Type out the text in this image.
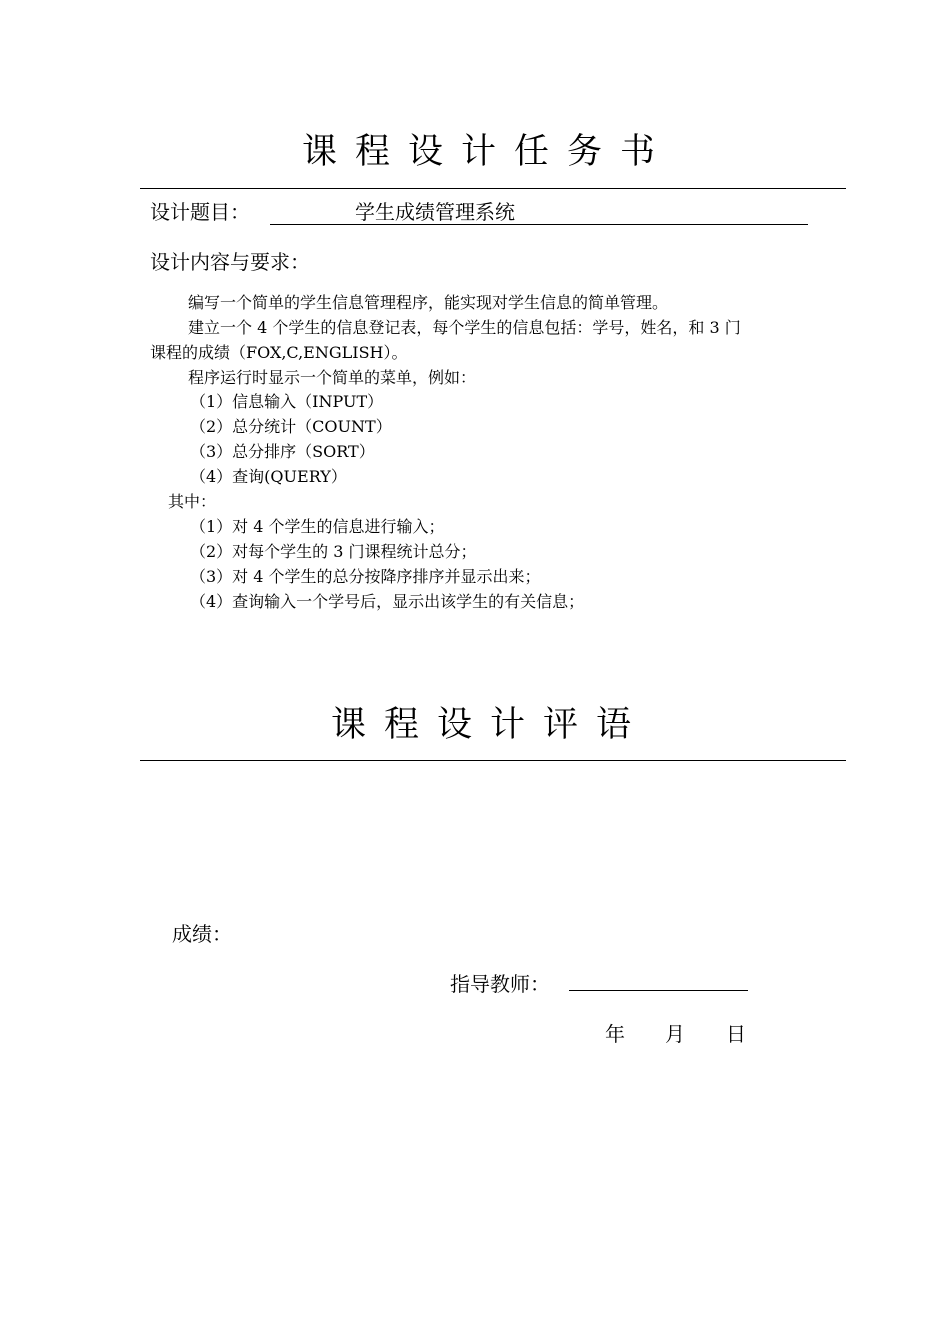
课程设计任务书
设计题目：	学生成绩管理系统
设计内容与要求：
编写一个简单的学生信息管理程序，能实现对学生信息的简单管理。
建立一个 4 个学生的信息登记表，每个学生的信息包括：学号，姓名，和 3 门
课程的成绩（FOX,C,ENGLISH）。
程序运行时显示一个简单的菜单，例如：
（1）信息输入（INPUT）
（2）总分统计（COUNT）
（3）总分排序（SORT）
（4）查询(QUERY）
其中：
（1）对 4 个学生的信息进行输入；
（2）对每个学生的 3 门课程统计总分；
（3）对 4 个学生的总分按降序排序并显示出来；
（4）查询输入一个学号后，显示出该学生的有关信息；
课程设计评语
成绩：
指导教师：
年 月 日
